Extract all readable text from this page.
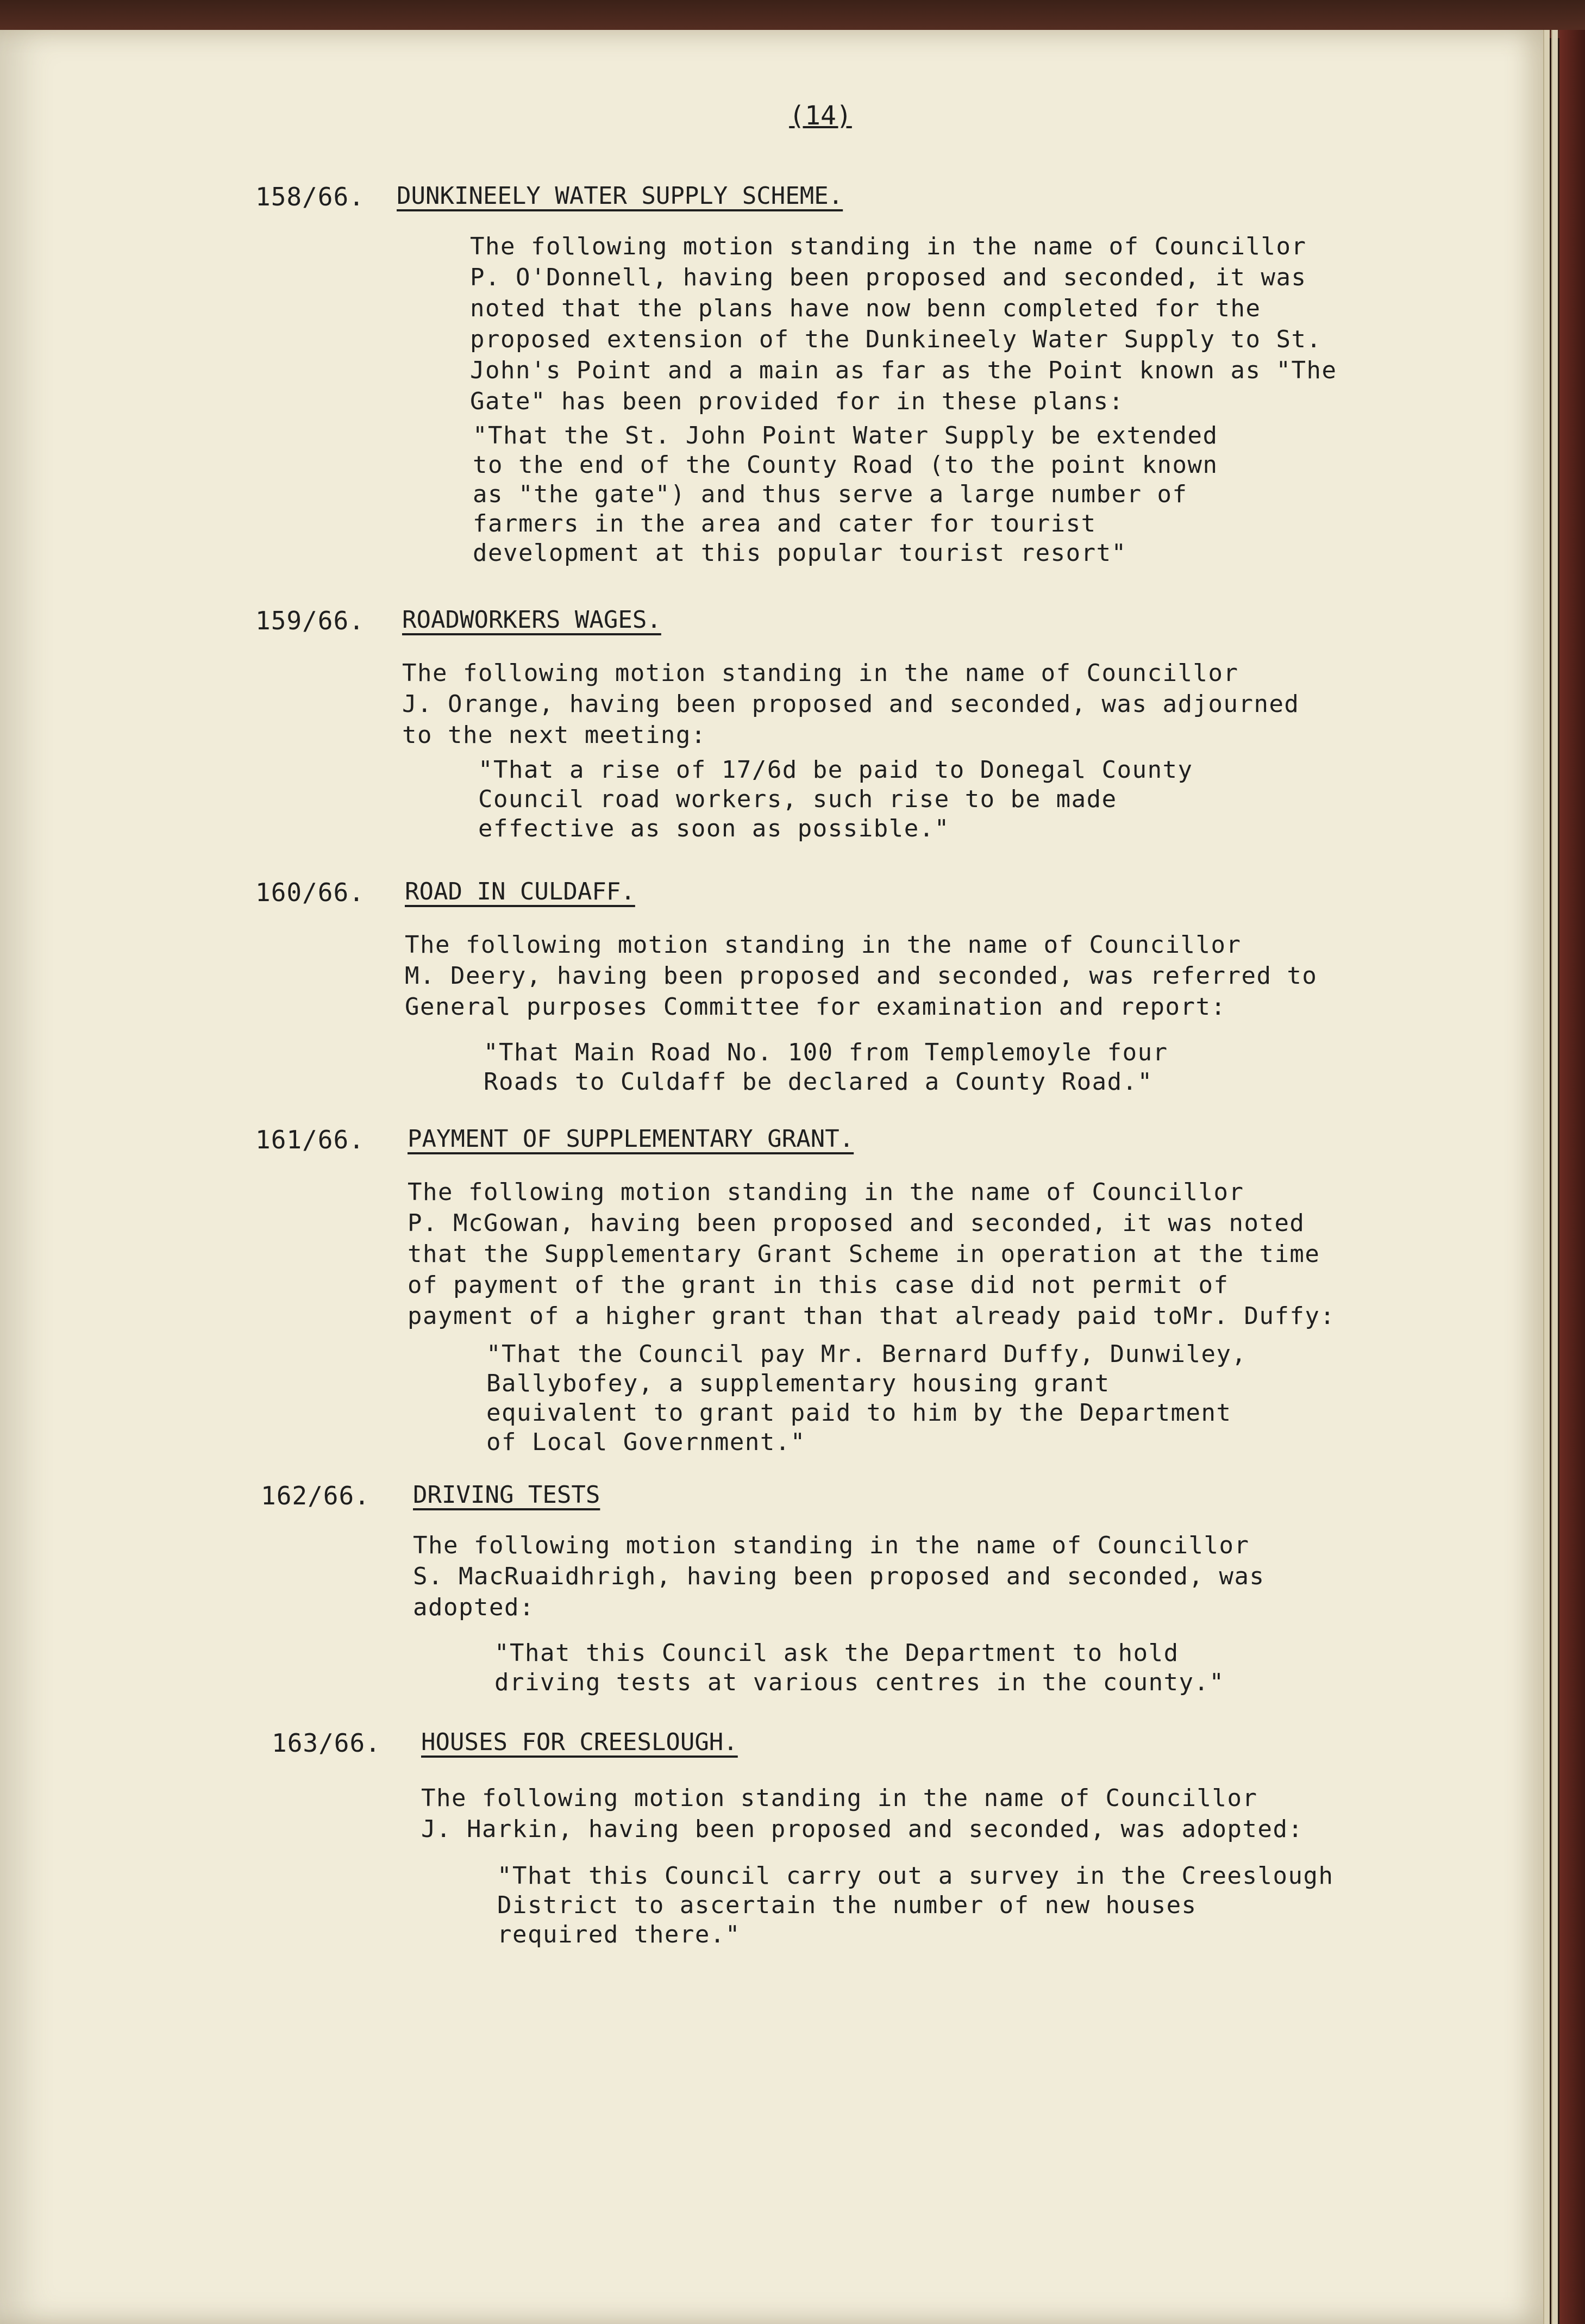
(14)
158/66. DUNKINEELY WATER SUPPLY SCHEME.
The following motion standing in the name of Councillor
P. O'Donnell, having been proposed and seconded, it was
noted that the plans have now benn completed for the
proposed extension of the Dunkineely Water Supply to St.
John's Point and a main as far as the Point known as "The
Gate" has been provided for in these plans:
"That the St. John Point Water Supply be extended
to the end of the County Road (to the point known
as "the gate") and thus serve a large number of
farmers in the area and cater for tourist
development at this popular tourist resort"
159/66. ROADWORKERS WAGES.
The following motion standing in the name of Councillor
J. Orange, having been proposed and seconded, was adjourned
to the next meeting:
"That a rise of 17/6d be paid to Donegal County
Council road workers, such rise to be made
effective as soon as possible."
160/66. ROAD IN CULDAFF.
The following motion standing in the name of Councillor
M. Deery, having been proposed and seconded, was referred to
General purposes Committee for examination and report:
"That Main Road No. 100 from Templemoyle four
Roads to Culdaff be declared a County Road."
161/66. PAYMENT OF SUPPLEMENTARY GRANT.
The following motion standing in the name of Councillor
P. McGowan, having been proposed and seconded, it was noted
that the Supplementary Grant Scheme in operation at the time
of payment of the grant in this case did not permit of
payment of a higher grant than that already paid toMr. Duffy:
"That the Council pay Mr. Bernard Duffy, Dunwiley,
Ballybofey, a supplementary housing grant
equivalent to grant paid to him by the Department
of Local Government."
162/66. DRIVING TESTS
The following motion standing in the name of Councillor
S. MacRuaidhrigh, having been proposed and seconded, was
adopted:
"That this Council ask the Department to hold
driving tests at various centres in the county."
163/66. HOUSES FOR CREESLOUGH.
The following motion standing in the name of Councillor
J. Harkin, having been proposed and seconded, was adopted:
"That this Council carry out a survey in the Creeslough
District to ascertain the number of new houses
required there."
